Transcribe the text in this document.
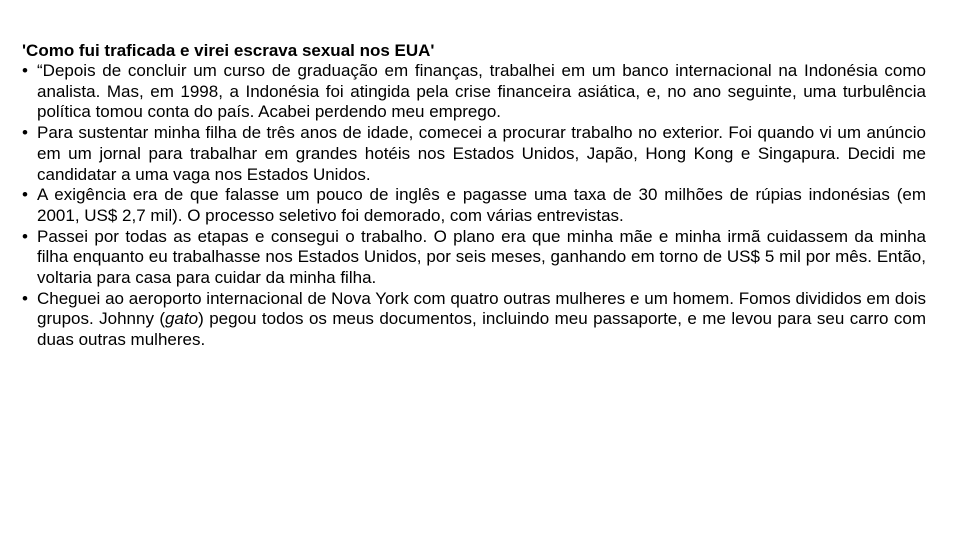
'Como fui traficada e virei escrava sexual nos EUA'
• “Depois de concluir um curso de graduação em finanças, trabalhei em um banco internacional na Indonésia como analista. Mas, em 1998, a Indonésia foi atingida pela crise financeira asiática, e, no ano seguinte, uma turbulência política tomou conta do país. Acabei perdendo meu emprego.
• Para sustentar minha filha de três anos de idade, comecei a procurar trabalho no exterior. Foi quando vi um anúncio em um jornal para trabalhar em grandes hotéis nos Estados Unidos, Japão, Hong Kong e Singapura. Decidi me candidatar a uma vaga nos Estados Unidos.
• A exigência era de que falasse um pouco de inglês e pagasse uma taxa de 30 milhões de rúpias indonésias (em 2001, US$ 2,7 mil). O processo seletivo foi demorado, com várias entrevistas.
• Passei por todas as etapas e consegui o trabalho. O plano era que minha mãe e minha irmã cuidassem da minha filha enquanto eu trabalhasse nos Estados Unidos, por seis meses, ganhando em torno de US$ 5 mil por mês. Então, voltaria para casa para cuidar da minha filha.
• Cheguei ao aeroporto internacional de Nova York com quatro outras mulheres e um homem. Fomos divididos em dois grupos. Johnny (gato) pegou todos os meus documentos, incluindo meu passaporte, e me levou para seu carro com duas outras mulheres.
